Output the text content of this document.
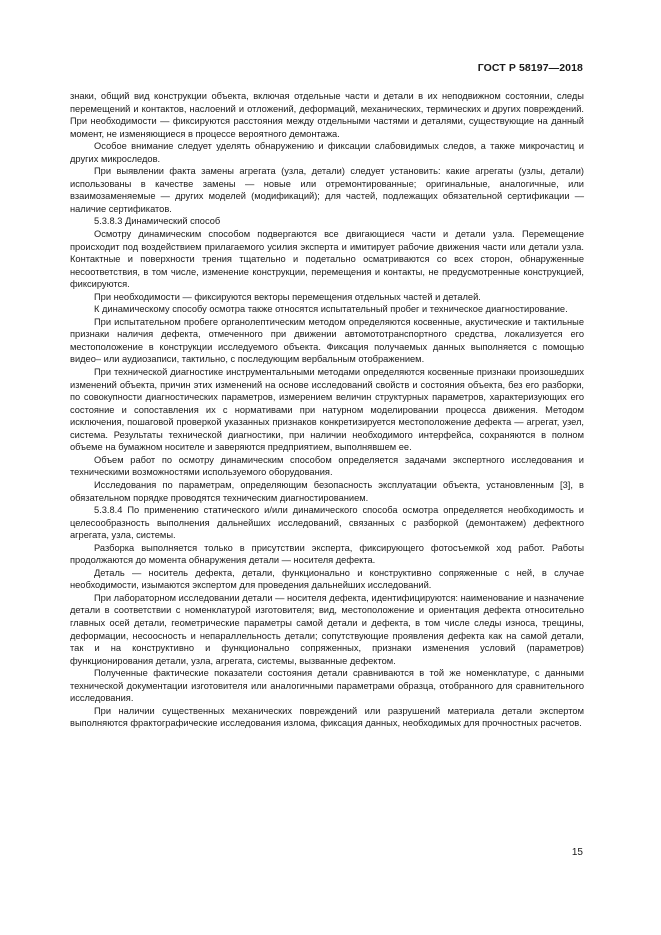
ГОСТ Р 58197—2018

знаки, общий вид конструкции объекта, включая отдельные части и детали в их неподвижном состоянии, следы перемещений и контактов, наслоений и отложений, деформаций, механических, термических и других повреждений. При необходимости — фиксируются расстояния между отдельными частями и деталями, существующие на данный момент, не изменяющиеся в процессе вероятного демонтажа.

Особое внимание следует уделять обнаружению и фиксации слабовидимых следов, а также микрочастиц и других микроследов.

При выявлении факта замены агрегата (узла, детали) следует установить: какие агрегаты (узлы, детали) использованы в качестве замены — новые или отремонтированные; оригинальные, аналогичные, или взаимозаменяемые — других моделей (модификаций); для частей, подлежащих обязательной сертификации — наличие сертификатов.

5.3.8.3 Динамический способ

Осмотру динамическим способом подвергаются все двигающиеся части и детали узла. Перемещение происходит под воздействием прилагаемого усилия эксперта и имитирует рабочие движения части или детали узла. Контактные и поверхности трения тщательно и подетально осматриваются со всех сторон, обнаруженные несоответствия, в том числе, изменение конструкции, перемещения и контакты, не предусмотренные конструкцией, фиксируются.

При необходимости — фиксируются векторы перемещения отдельных частей и деталей.

К динамическому способу осмотра также относятся испытательный пробег и техническое диагностирование.

При испытательном пробеге органолептическим методом определяются косвенные, акустические и тактильные признаки наличия дефекта, отмеченного при движении автомототранспортного средства, локализуется его местоположение в конструкции исследуемого объекта. Фиксация получаемых данных выполняется с помощью видео– или аудиозаписи, тактильно, с последующим вербальным отображением.

При технической диагностике инструментальными методами определяются косвенные признаки произошедших изменений объекта, причин этих изменений на основе исследований свойств и состояния объекта, без его разборки, по совокупности диагностических параметров, измерением величин структурных параметров, характеризующих его состояние и сопоставления их с нормативами при натурном моделировании процесса движения. Методом исключения, пошаговой проверкой указанных признаков конкретизируется местоположение дефекта — агрегат, узел, система. Результаты технической диагностики, при наличии необходимого интерфейса, сохраняются в полном объеме на бумажном носителе и заверяются предприятием, выполнявшем ее.

Объем работ по осмотру динамическим способом определяется задачами экспертного исследования и техническими возможностями используемого оборудования.

Исследования по параметрам, определяющим безопасность эксплуатации объекта, установленным [3], в обязательном порядке проводятся техническим диагностированием.

5.3.8.4 По применению статического и/или динамического способа осмотра определяется необходимость и целесообразность выполнения дальнейших исследований, связанных с разборкой (демонтажем) дефектного агрегата, узла, системы.

Разборка выполняется только в присутствии эксперта, фиксирующего фотосъемкой ход работ. Работы продолжаются до момента обнаружения детали — носителя дефекта.

Деталь — носитель дефекта, детали, функционально и конструктивно сопряженные с ней, в случае необходимости, изымаются экспертом для проведения дальнейших исследований.

При лабораторном исследовании детали — носителя дефекта, идентифицируются: наименование и назначение детали в соответствии с номенклатурой изготовителя; вид, местоположение и ориентация дефекта относительно главных осей детали, геометрические параметры самой детали и дефекта, в том числе следы износа, трещины, деформации, несоосность и непараллельность детали; сопутствующие проявления дефекта как на самой детали, так и на конструктивно и функционально сопряженных, признаки изменения условий (параметров) функционирования детали, узла, агрегата, системы, вызванные дефектом.

Полученные фактические показатели состояния детали сравниваются в той же номенклатуре, с данными технической документации изготовителя или аналогичными параметрами образца, отобранного для сравнительного исследования.

При наличии существенных механических повреждений или разрушений материала детали экспертом выполняются фрактографические исследования излома, фиксация данных, необходимых для прочностных расчетов.

15
